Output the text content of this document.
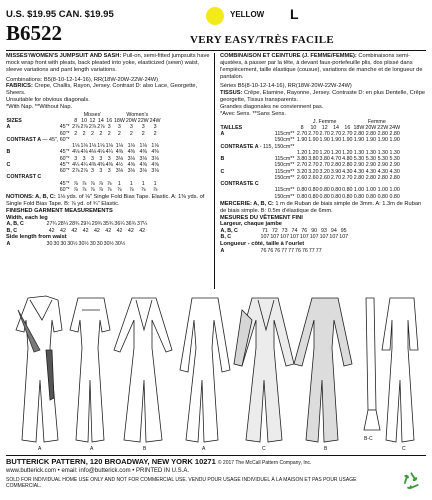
U.S. $19.95 CAN. $19.95	YELLOW L
B6522	VERY EASY/TRÈS FACILE
MISSES'/WOMEN'S JUMPSUIT AND SASH: Pull-on, semi-fitted jumpsuits have mock wrap front with pleats, back pleated into yoke, elasticized (sewn) waist, sleeve variations and pant length variations.
Combinations: B5(8-10-12-14-16), RR(18W-20W-22W-24W)
FABRICS: Crepe, Challis, Rayon, Jersey. Contrast D: also Lace, Georgette, Sheers.
Unsuitable for obvious diagonals.
*With Nap. **Without Nap.
		Misses'					Women's			
SIZES		8	10	12	14	16	18W	20W	22W	24W
A	45"*	2⅞	2⅞	2⅞	2⅞	3	3	3	3	3
	60"*	2	2	2	2	2	2	2	2	2
CONTRAST A	— 45", 60"*									
		1⅛	1⅛	1⅛	1⅛	1⅛	1⅛	1⅛	1⅛	1⅛
B	45"*	4⅛	4⅛	4⅛	4⅛	4¼	4⅜	4⅜	4⅜	4⅜
	60"*	3	3	3	3	3	3⅛	3⅛	3⅛	3⅛
C	45"*	4¼	4¼	4⅜	4⅜	4⅜	4½	4⅝	4⅝	4⅝
	60"*	2⅞	2⅞	3	3	3	3⅛	3⅛	3⅛	3⅛
CONTRAST C										
	45"*	⅞	⅞	⅞	⅞	⅞	1	1	1	1
	60"*	⅞	⅞	⅞	⅞	⅞	⅞	⅞	⅞	⅞
NOTIONS: A, B, C: 1⅛ yds. of ⅛" Single Fold Bias Tape. Elastic. A: 1⅜ yds. of Single Fold Bias Tape. B: ⅞ yd. of ¾" Elastic.
FINISHED GARMENT MEASUREMENTS
Width, each leg
A, B, C	27¾	28¼	28¾	29¼	29¾	35¾	36¼	36¾	37¼
B, C	42	42	42	42	42	42	42	42	42
Side length from waist
A	30	30	30	30½	30½	30	30	30½	30½
COMBINAISON ET CEINTURE (J. FEMME/FEMME): Combinaisons semi-ajustées, à passer par la tête, à devant faux-portefeuille plis, dos plissé dans l'empiècement, taille élastique (cousue), variations de manche et de longueur de pantalon.
Séries B5(8-10-12-14-16), RR(18W-20W-22W-24W)
TISSUS: Crêpe, Etamine, Rayonne, Jersey. Contraste D: en plus Dentelle, Crêpe georgette, Tissus transparents.
Grandes diagonales ne conviennent pas.
*Avec Sens. **Sans Sens.
		J. Femme					Femme			
TAILLES		8	10	12	14	16	18W	20W	22W	24W
A	115cm**	2.70	2.70	2.70	2.70	2.70	2.80	2.80	2.80	2.80
	150cm**	1.90	1.90	1.90	1.90	1.90	1.90	1.90	1.90	1.90
CONTRASTE A	- 115, 150cm**									
		1.20	1.20	1.20	1.20	1.20	1.30	1.30	1.30	1.30
B	115cm**	3.80	3.80	3.80	4.70	4.80	5.30	5.30	5.30	5.30
	150cm**	2.70	2.70	2.70	2.80	2.80	2.90	2.90	2.90	2.90
C	115cm**	3.20	3.20	3.20	3.90	4.30	4.30	4.30	4.30	4.30
	150cm**	2.60	2.60	2.60	2.70	2.70	2.80	2.80	2.80	2.80
CONTRASTE C										
	115cm**	0.80	0.80	0.80	0.80	0.80	1.00	1.00	1.00	1.00
	150cm**	0.80	0.80	0.80	0.80	0.80	0.80	0.80	0.80	0.80
MERCERIE: A, B, C: 1 m de Ruban de biais simple de 3mm. A: 1.3m de Ruban de biais simple. B: 0.5m d'élastique de 6mm.
MESURES DU VÊTEMENT FINI
Largeur, chaque jambe
A, B, C	71	72	73	74	76	90	93	94	95
B, C	107	107	107	107	107	107	107	107	107
Longueur - côté, taille à l'ourlet
A	76	76	76	77	77	76	76	77	77
A	A	B	C
A	B
B-C
C
BUTTERICK PATTERN, 120 BROADWAY, NEW YORK 10271 © 2017 The McCall Pattern Company, Inc.
www.butterick.com • email: info@butterick.com • PRINTED IN U.S.A.
SOLD FOR INDIVIDUAL HOME USE ONLY AND NOT FOR COMMERCIAL USE. VENDU POUR USAGE INDIVIDUEL À LA MAISON ET PAS POUR USAGE COMMERCIAL.
